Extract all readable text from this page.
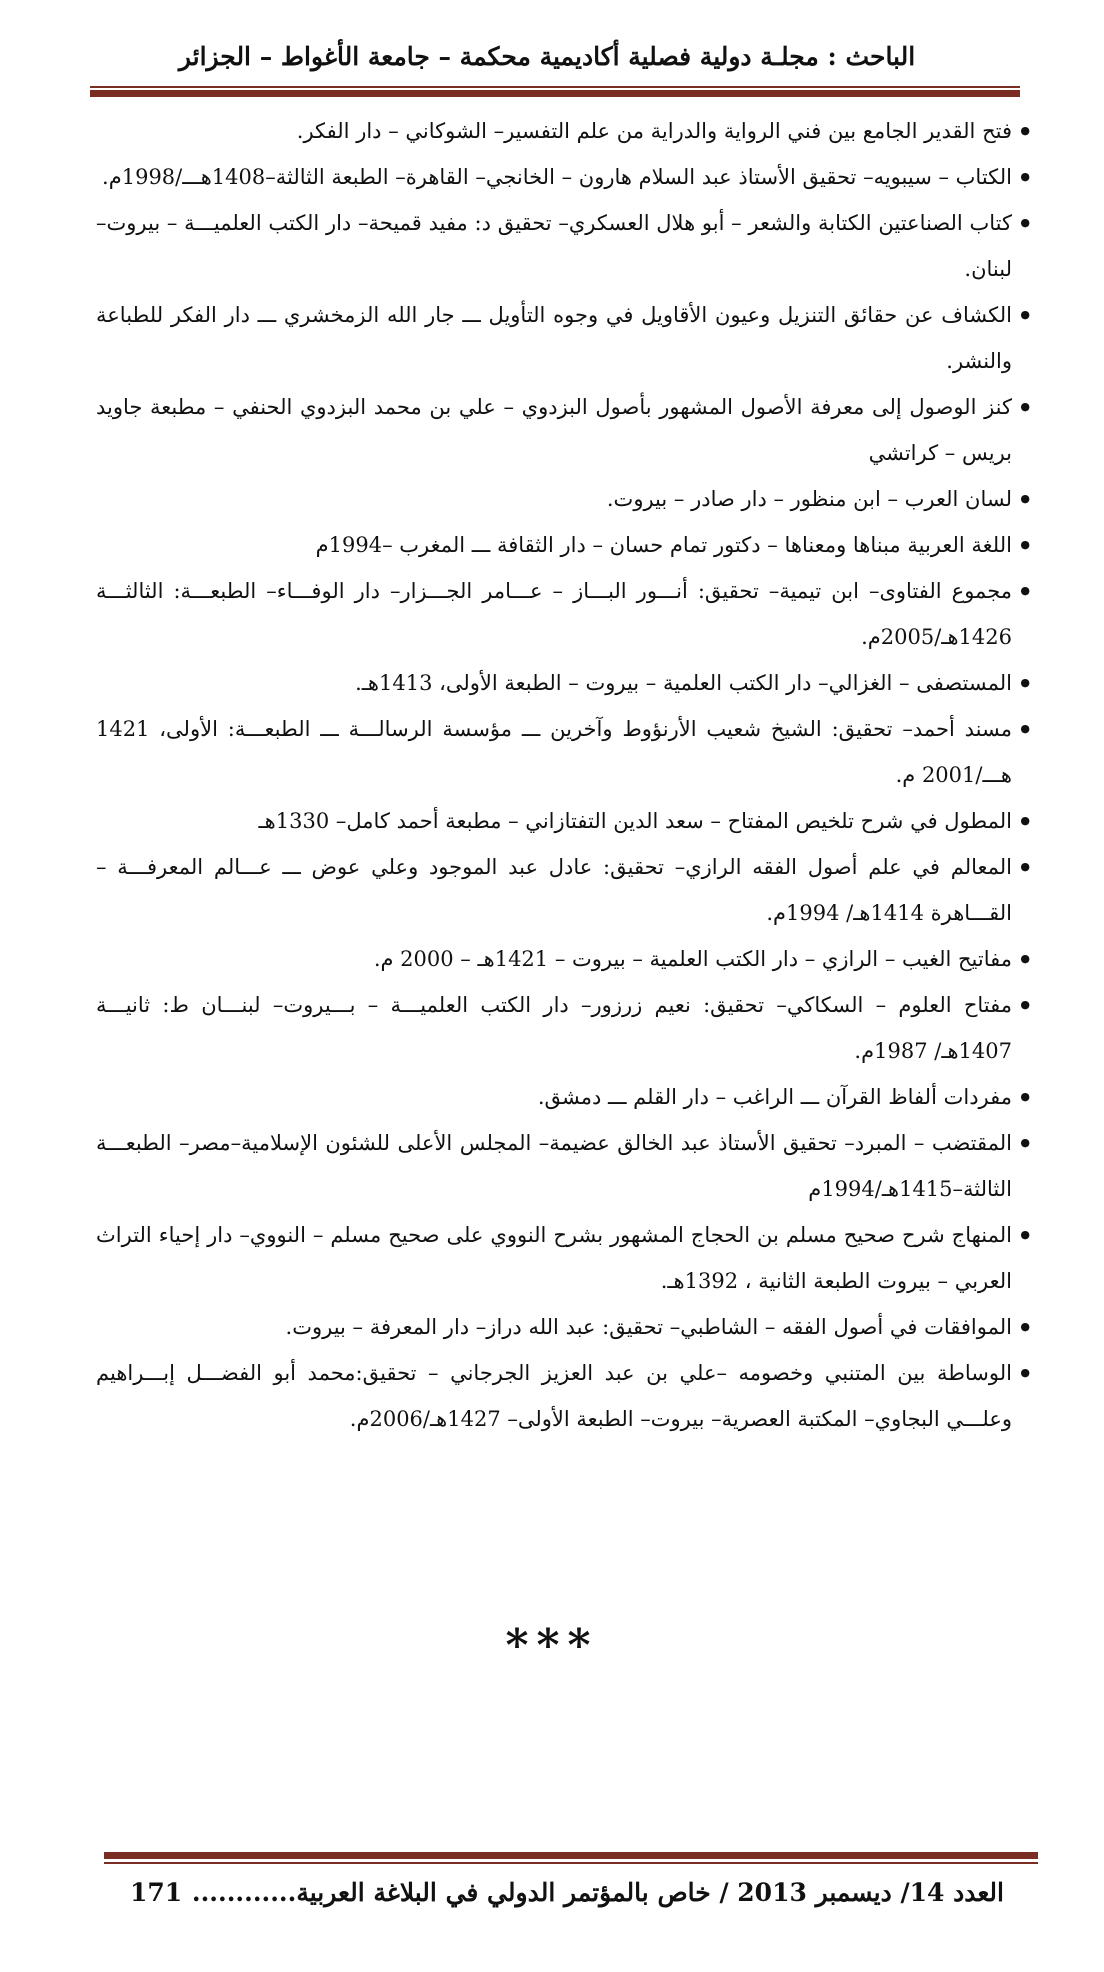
الباحث : مجلـة دولية فصلية أكاديمية محكمة – جامعة الأغواط – الجزائر
● فتح القدير الجامع بين فني الرواية والدراية من علم التفسير– الشوكاني – دار الفكر.
● الكتاب – سيبويه– تحقيق الأستاذ عبد السلام هارون – الخانجي– القاهرة– الطبعة الثالثة–1408هـــ/1998م.
● كتاب الصناعتين الكتابة والشعر – أبو هلال العسكري– تحقيق د: مفيد قميحة– دار الكتب العلميـــة – بيروت– لبنان.
● الكشاف عن حقائق التنزيل وعيون الأقاويل في وجوه التأويل ـــ جار الله الزمخشري ـــ دار الفكر للطباعة والنشر.
● كنز الوصول إلى معرفة الأصول المشهور بأصول البزدوي – علي بن محمد البزدوي الحنفي – مطبعة جاويد بريس – كراتشي
● لسان العرب – ابن منظور – دار صادر – بيروت.
● اللغة العربية مبناها ومعناها – دكتور تمام حسان – دار الثقافة ـــ المغرب –1994م
● مجموع الفتاوى– ابن تيمية– تحقيق: أنـــور البـــاز – عـــامر الجـــزار– دار الوفـــاء– الطبعـــة: الثالثـــة 1426هـ/2005م.
● المستصفى – الغزالي– دار الكتب العلمية – بيروت – الطبعة الأولى، 1413هـ.
● مسند أحمد– تحقيق: الشيخ شعيب الأرنؤوط وآخرين ـــ مؤسسة الرسالـــة ـــ الطبعـــة: الأولى، 1421 هـــ/2001 م.
● المطول في شرح تلخيص المفتاح – سعد الدين التفتازاني – مطبعة أحمد كامل– 1330هـ
● المعالم في علم أصول الفقه الرازي– تحقيق: عادل عبد الموجود وعلي عوض ـــ عـــالم المعرفـــة – القـــاهرة 1414هـ/ 1994م.
● مفاتيح الغيب – الرازي – دار الكتب العلمية – بيروت – 1421هـ – 2000 م.
● مفتاح العلوم – السكاكي– تحقيق: نعيم زرزور– دار الكتب العلميـــة – بـــيروت– لبنـــان ط: ثانيـــة 1407هـ/ 1987م.
● مفردات ألفاظ القرآن ـــ الراغب – دار القلم ـــ دمشق.
● المقتضب – المبرد– تحقيق الأستاذ عبد الخالق عضيمة– المجلس الأعلى للشئون الإسلامية–مصر– الطبعـــة الثالثة–1415هـ/1994م
● المنهاج شرح صحيح مسلم بن الحجاج المشهور بشرح النووي على صحيح مسلم – النووي– دار إحياء التراث العربي – بيروت الطبعة الثانية ، 1392هـ.
● الموافقات في أصول الفقه – الشاطبي– تحقيق: عبد الله دراز– دار المعرفة – بيروت.
● الوساطة بين المتنبي وخصومه –علي بن عبد العزيز الجرجاني – تحقيق:محمد أبو الفضـــل إبـــراهيم وعلـــي البجاوي– المكتبة العصرية– بيروت– الطبعة الأولى– 1427هـ/2006م.
***
العدد 14/ ديسمبر 2013 / خاص بالمؤتمر الدولي في البلاغة العربية............
171
